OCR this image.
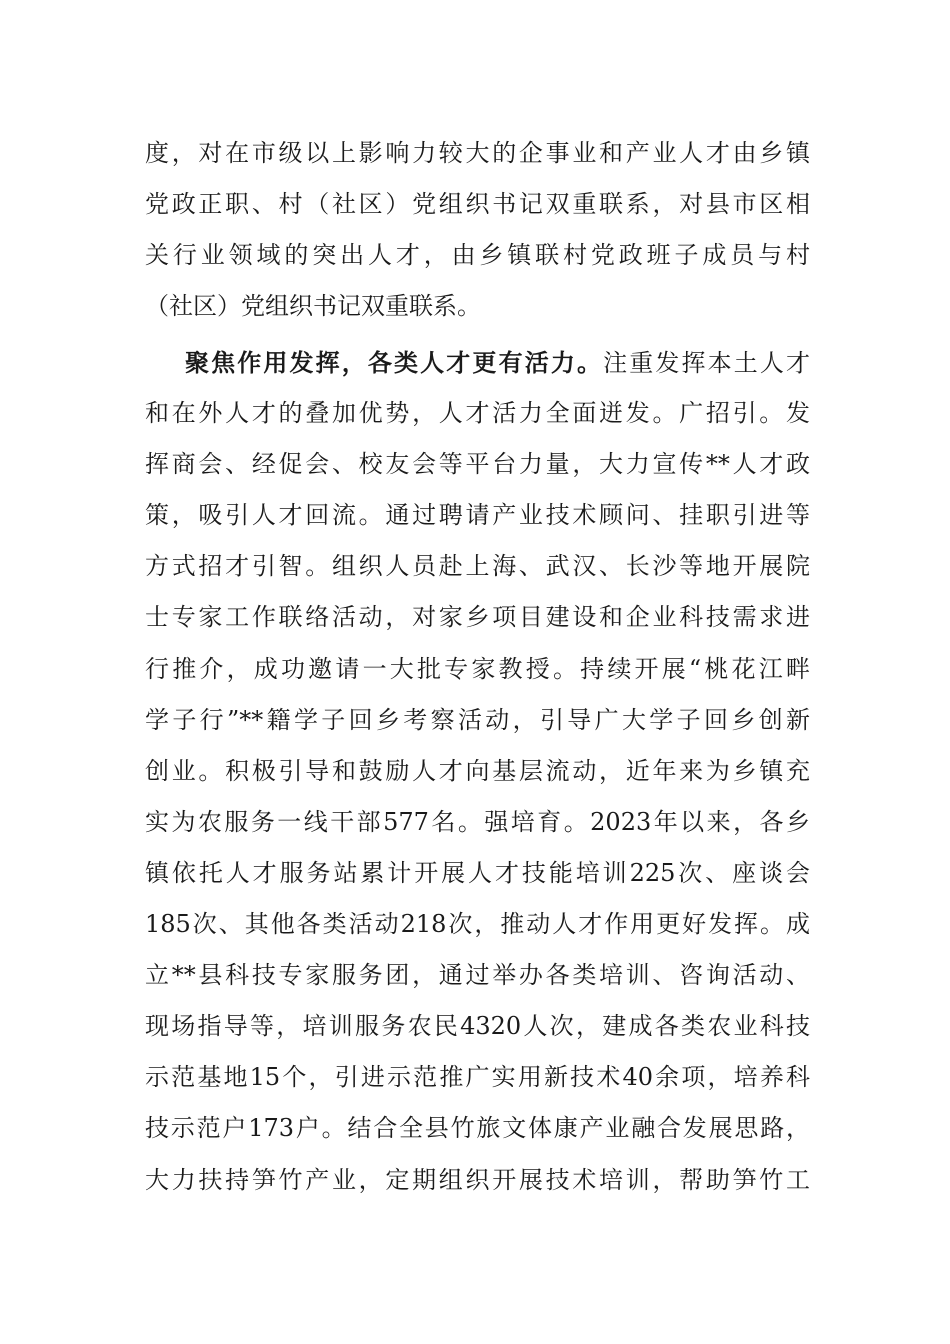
度，对在市级以上影响力较大的企事业和产业人才由乡镇
党政正职、村（社区）党组织书记双重联系，对县市区相
关行业领域的突出人才，由乡镇联村党政班子成员与村
（社区）党组织书记双重联系。
聚焦作用发挥，各类人才更有活力。注重发挥本土人才
和在外人才的叠加优势，人才活力全面迸发。广招引。发
挥商会、经促会、校友会等平台力量，大力宣传**人才政
策，吸引人才回流。通过聘请产业技术顾问、挂职引进等
方式招才引智。组织人员赴上海、武汉、长沙等地开展院
士专家工作联络活动，对家乡项目建设和企业科技需求进
行推介，成功邀请一大批专家教授。持续开展“桃花江畔
学子行”**籍学子回乡考察活动，引导广大学子回乡创新
创业。积极引导和鼓励人才向基层流动，近年来为乡镇充
实为农服务一线干部577名。强培育。2023年以来，各乡
镇依托人才服务站累计开展人才技能培训225次、座谈会
185次、其他各类活动218次，推动人才作用更好发挥。成
立**县科技专家服务团，通过举办各类培训、咨询活动、
现场指导等，培训服务农民4320人次，建成各类农业科技
示范基地15个，引进示范推广实用新技术40余项，培养科
技示范户173户。结合全县竹旅文体康产业融合发展思路，
大力扶持笋竹产业，定期组织开展技术培训，帮助笋竹工
